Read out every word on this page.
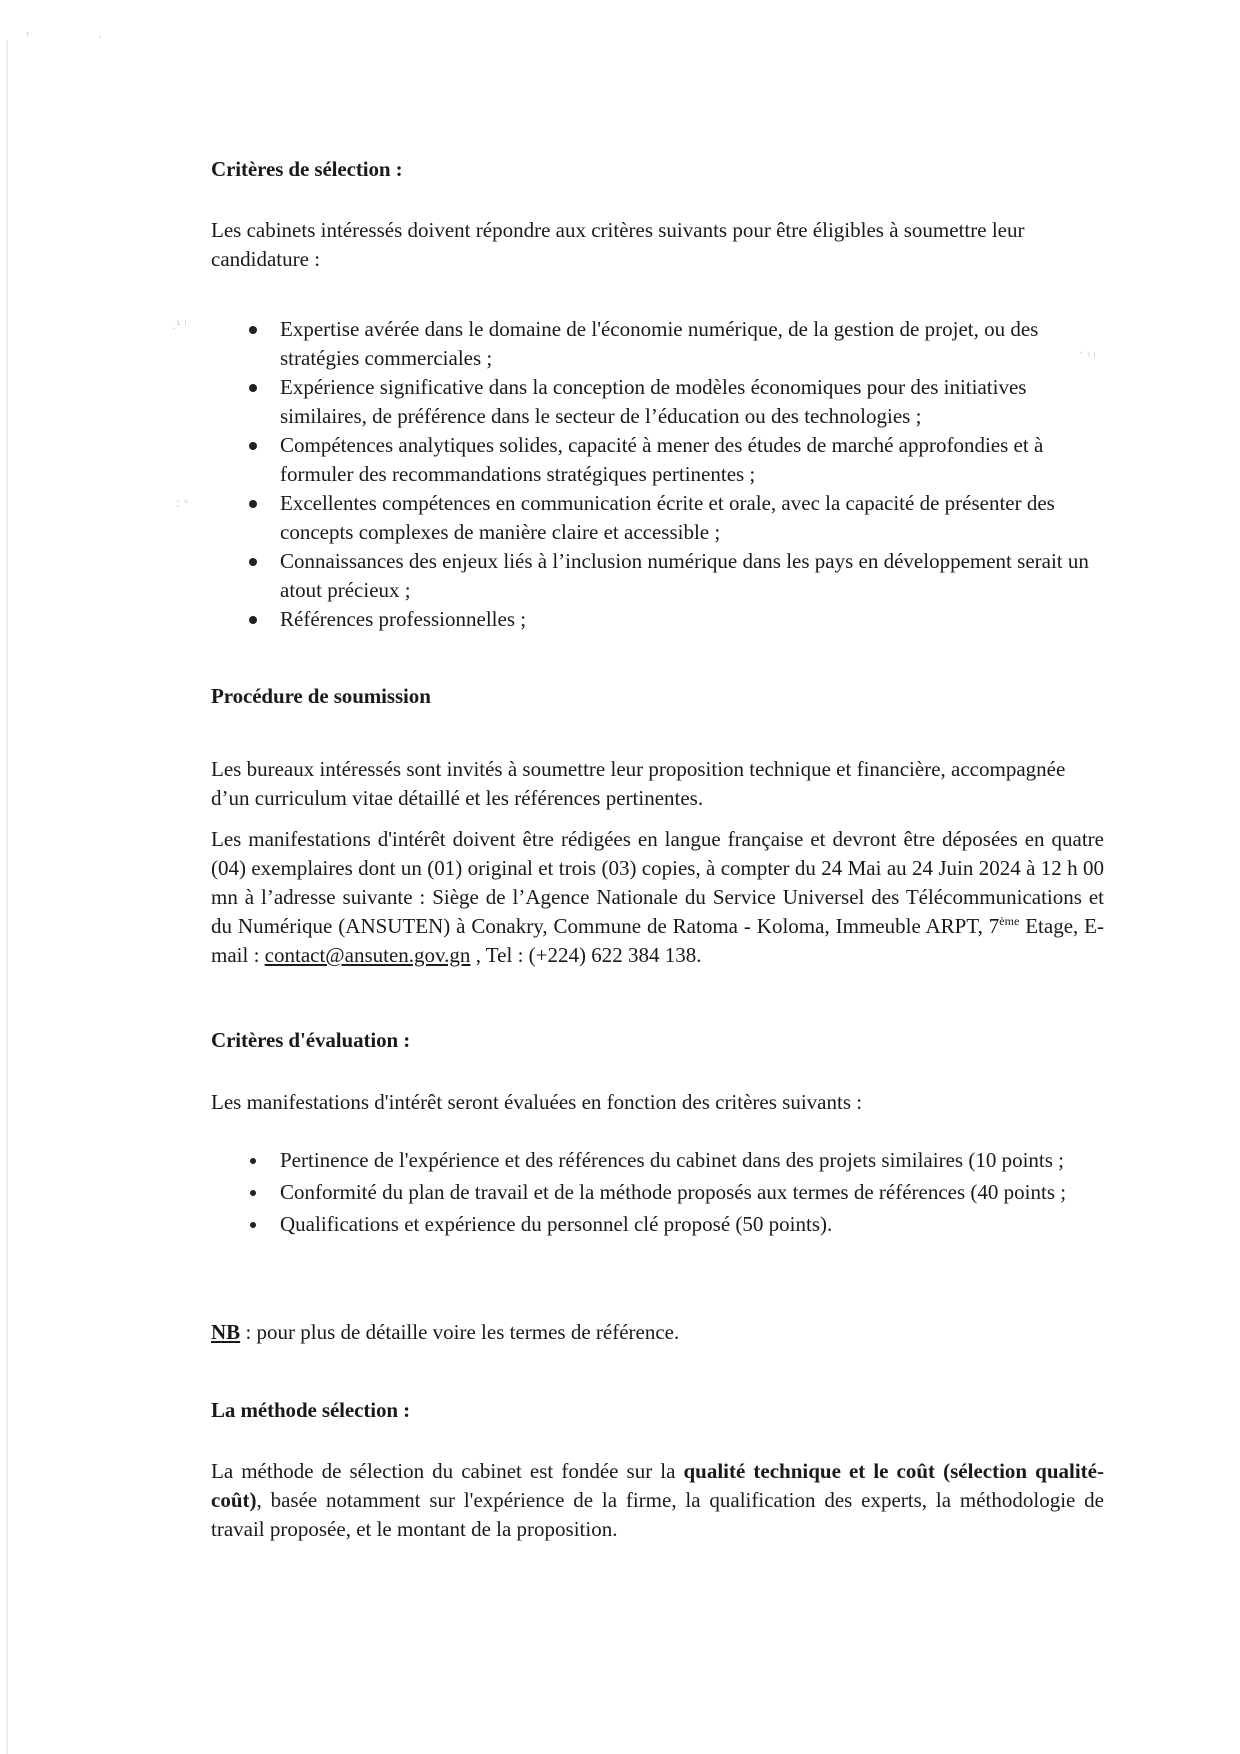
'	·
.¹ ˡ
˙ ˡ ˡ
: ˢ
Critères de sélection :

Les cabinets intéressés doivent répondre aux critères suivants pour être éligibles à soumettre leur candidature :

Expertise avérée dans le domaine de l'économie numérique, de la gestion de projet, ou des stratégies commerciales ;
Expérience significative dans la conception de modèles économiques pour des initiatives similaires, de préférence dans le secteur de l’éducation ou des technologies ;
Compétences analytiques solides, capacité à mener des études de marché approfondies et à formuler des recommandations stratégiques pertinentes ;
Excellentes compétences en communication écrite et orale, avec la capacité de présenter des concepts complexes de manière claire et accessible ;
Connaissances des enjeux liés à l’inclusion numérique dans les pays en développement serait un atout précieux ;
Références professionnelles ;
Procédure de soumission

Les bureaux intéressés sont invités à soumettre leur proposition technique et financière, accompagnée d’un curriculum vitae détaillé et les références pertinentes.

Les manifestations d'intérêt doivent être rédigées en langue française et devront être déposées en quatre (04) exemplaires dont un (01) original et trois (03) copies, à compter du 24 Mai au 24 Juin 2024 à 12 h 00 mn à l’adresse suivante : Siège de l’Agence Nationale du Service Universel des Télécommunications et du Numérique (ANSUTEN) à Conakry, Commune de Ratoma - Koloma, Immeuble ARPT, 7ème Etage, E-mail : contact@ansuten.gov.gn , Tel : (+224) 622 384 138.

Critères d'évaluation :

Les manifestations d'intérêt seront évaluées en fonction des critères suivants :

Pertinence de l'expérience et des références du cabinet dans des projets similaires (10 points ;
Conformité du plan de travail et de la méthode proposés aux termes de références (40 points ;
Qualifications et expérience du personnel clé proposé (50 points).

NB : pour plus de détaille voire les termes de référence.

La méthode sélection :

La méthode de sélection du cabinet est fondée sur la qualité technique et le coût (sélection qualité-coût), basée notamment sur l'expérience de la firme, la qualification des experts, la méthodologie de travail proposée, et le montant de la proposition.
